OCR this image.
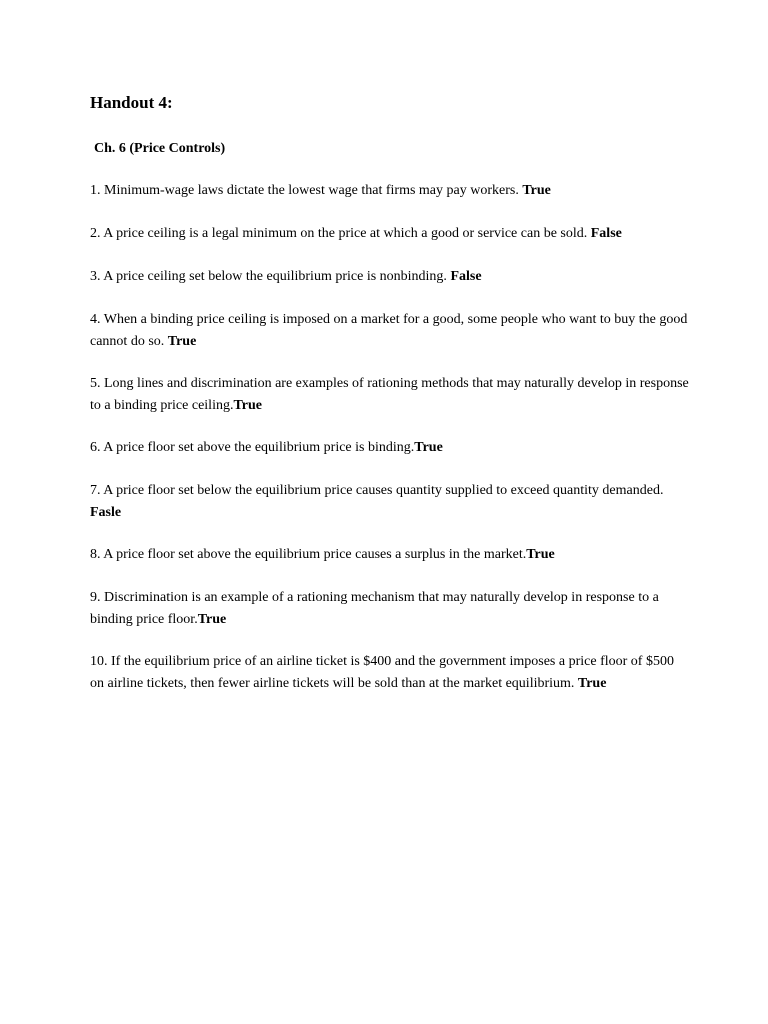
Handout 4:
Ch. 6 (Price Controls)

1. Minimum-wage laws dictate the lowest wage that firms may pay workers. True

2. A price ceiling is a legal minimum on the price at which a good or service can be sold. False

3. A price ceiling set below the equilibrium price is nonbinding. False

4. When a binding price ceiling is imposed on a market for a good, some people who want to buy the good cannot do so. True

5. Long lines and discrimination are examples of rationing methods that may naturally develop in response to a binding price ceiling.True

6. A price floor set above the equilibrium price is binding.True

7. A price floor set below the equilibrium price causes quantity supplied to exceed quantity demanded. Fasle

8. A price floor set above the equilibrium price causes a surplus in the market.True

9. Discrimination is an example of a rationing mechanism that may naturally develop in response to a binding price floor.True

10. If the equilibrium price of an airline ticket is $400 and the government imposes a price floor of $500 on airline tickets, then fewer airline tickets will be sold than at the market equilibrium. True
